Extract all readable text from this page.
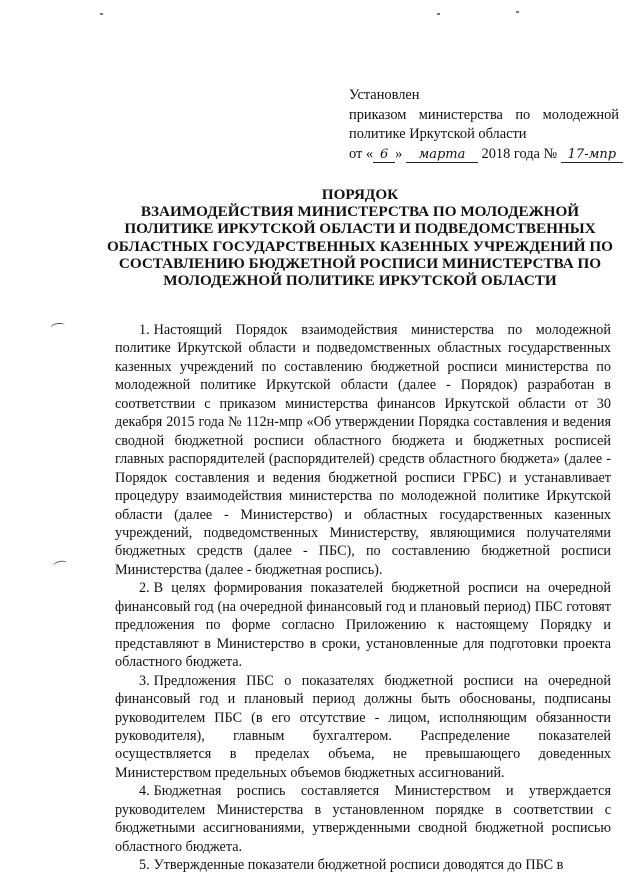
Установлен
приказом министерства по молодежной
политике Иркутской области
от « 6 » марта 2018 года № 17-мпр
ПОРЯДОК
ВЗАИМОДЕЙСТВИЯ МИНИСТЕРСТВА ПО МОЛОДЕЖНОЙ
ПОЛИТИКЕ ИРКУТСКОЙ ОБЛАСТИ И ПОДВЕДОМСТВЕННЫХ
ОБЛАСТНЫХ ГОСУДАРСТВЕННЫХ КАЗЕННЫХ УЧРЕЖДЕНИЙ ПО
СОСТАВЛЕНИЮ БЮДЖЕТНОЙ РОСПИСИ МИНИСТЕРСТВА ПО
МОЛОДЕЖНОЙ ПОЛИТИКЕ ИРКУТСКОЙ ОБЛАСТИ

1. Настоящий Порядок взаимодействия министерства по молодежной политике Иркутской области и подведомственных областных государственных казенных учреждений по составлению бюджетной росписи министерства по молодежной политике Иркутской области (далее - Порядок) разработан в соответствии с приказом министерства финансов Иркутской области от 30 декабря 2015 года № 112н-мпр «Об утверждении Порядка составления и ведения сводной бюджетной росписи областного бюджета и бюджетных росписей главных распорядителей (распорядителей) средств областного бюджета» (далее - Порядок составления и ведения бюджетной росписи ГРБС) и устанавливает процедуру взаимодействия министерства по молодежной политике Иркутской области (далее - Министерство) и областных государственных казенных учреждений, подведомственных Министерству, являющимися получателями бюджетных средств (далее - ПБС), по составлению бюджетной росписи Министерства (далее - бюджетная роспись).

2. В целях формирования показателей бюджетной росписи на очередной финансовый год (на очередной финансовый год и плановый период) ПБС готовят предложения по форме согласно Приложению к настоящему Порядку и представляют в Министерство в сроки, установленные для подготовки проекта областного бюджета.

3. Предложения ПБС о показателях бюджетной росписи на очередной финансовый год и плановый период должны быть обоснованы, подписаны руководителем ПБС (в его отсутствие - лицом, исполняющим обязанности руководителя), главным бухгалтером. Распределение показателей осуществляется в пределах объема, не превышающего доведенных Министерством предельных объемов бюджетных ассигнований.

4. Бюджетная роспись составляется Министерством и утверждается руководителем Министерства в установленном порядке в соответствии с бюджетными ассигнованиями, утвержденными сводной бюджетной росписью областного бюджета.

5. Утвержденные показатели бюджетной росписи доводятся до ПБС в
